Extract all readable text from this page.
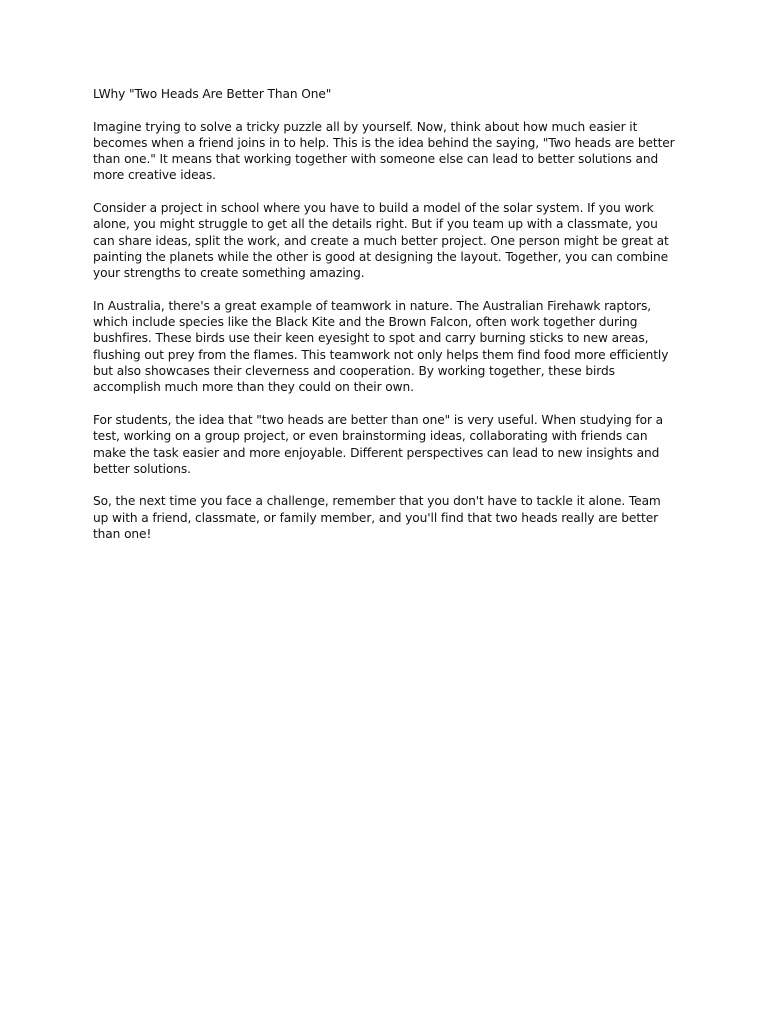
LWhy "Two Heads Are Better Than One"

Imagine trying to solve a tricky puzzle all by yourself. Now, think about how much easier it becomes when a friend joins in to help. This is the idea behind the saying, "Two heads are better than one." It means that working together with someone else can lead to better solutions and more creative ideas.

Consider a project in school where you have to build a model of the solar system. If you work alone, you might struggle to get all the details right. But if you team up with a classmate, you can share ideas, split the work, and create a much better project. One person might be great at painting the planets while the other is good at designing the layout. Together, you can combine your strengths to create something amazing.

In Australia, there's a great example of teamwork in nature. The Australian Firehawk raptors, which include species like the Black Kite and the Brown Falcon, often work together during bushfires. These birds use their keen eyesight to spot and carry burning sticks to new areas, flushing out prey from the flames. This teamwork not only helps them find food more efficiently but also showcases their cleverness and cooperation. By working together, these birds accomplish much more than they could on their own.

For students, the idea that "two heads are better than one" is very useful. When studying for a test, working on a group project, or even brainstorming ideas, collaborating with friends can make the task easier and more enjoyable. Different perspectives can lead to new insights and better solutions.

So, the next time you face a challenge, remember that you don't have to tackle it alone. Team up with a friend, classmate, or family member, and you'll find that two heads really are better than one!
